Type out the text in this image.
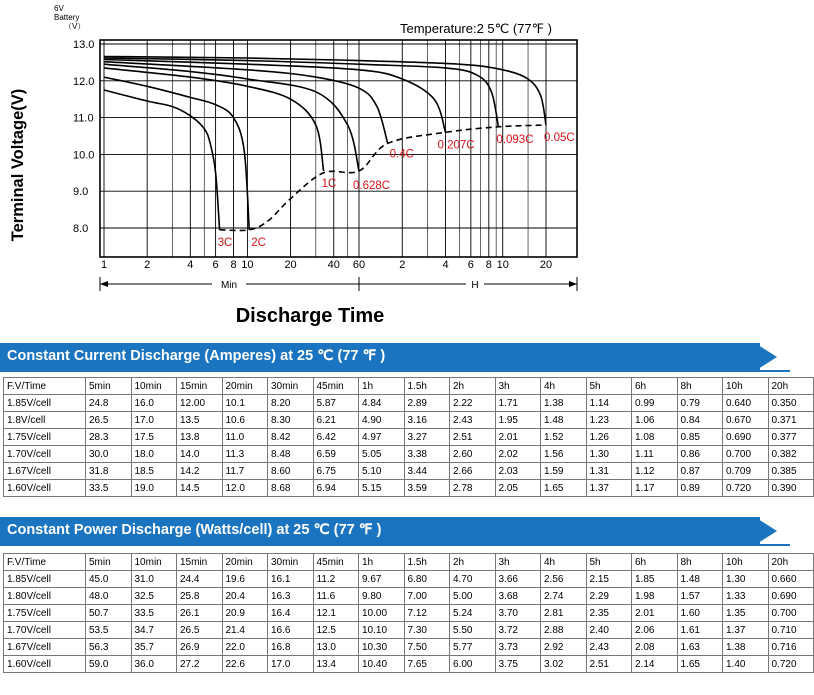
13.0
12.0
11.0
10.0
9.0
8.0
1	2	4 6 8 10	20	40 60	2	4 6 8 10	20
6V
Battery
（V）
Terminal Voltage(V)
Temperature:2 5℃ (77℉ )
Min	H
Discharge Time
3C 2C
1C 0.628C
0.4C
0.207C 0.093C 0.05C
Constant Current Discharge (Amperes) at 25 ℃ (77 ℉ )
F.V/Time	5min	10min	15min	20min	30min	45min	1h	1.5h	2h	3h	4h	5h	6h	8h	10h	20h
1.85V/cell	24.8	16.0	12.00	10.1	8.20	5.87	4.84	2.89	2.22	1.71	1.38	1.14	0.99	0.79	0.640	0.350
1.8V/cell	26.5	17.0	13.5	10.6	8.30	6.21	4.90	3.16	2.43	1.95	1.48	1.23	1.06	0.84	0.670	0.371
1.75V/cell	28.3	17.5	13.8	11.0	8.42	6.42	4.97	3.27	2.51	2.01	1.52	1.26	1.08	0.85	0.690	0.377
1.70V/cell	30.0	18.0	14.0	11.3	8.48	6.59	5.05	3.38	2.60	2.02	1.56	1.30	1.11	0.86	0.700	0.382
1.67V/cell	31.8	18.5	14.2	11.7	8.60	6.75	5.10	3.44	2.66	2.03	1.59	1.31	1.12	0.87	0.709	0.385
1.60V/cell	33.5	19.0	14.5	12.0	8.68	6.94	5.15	3.59	2.78	2.05	1.65	1.37	1.17	0.89	0.720	0.390
Constant Power Discharge (Watts/cell) at 25 ℃ (77 ℉ )
F.V/Time	5min	10min	15min	20min	30min	45min	1h	1.5h	2h	3h	4h	5h	6h	8h	10h	20h
1.85V/cell	45.0	31.0	24.4	19.6	16.1	11.2	9.67	6.80	4.70	3.66	2.56	2.15	1.85	1.48	1.30	0.660
1.80V/cell	48.0	32.5	25.8	20.4	16.3	11.6	9.80	7.00	5.00	3.68	2.74	2.29	1.98	1.57	1.33	0.690
1.75V/cell	50.7	33.5	26.1	20.9	16.4	12.1	10.00	7.12	5.24	3.70	2.81	2.35	2.01	1.60	1.35	0.700
1.70V/cell	53.5	34.7	26.5	21.4	16.6	12.5	10.10	7.30	5.50	3.72	2.88	2.40	2.06	1.61	1.37	0.710
1.67V/cell	56.3	35.7	26.9	22.0	16.8	13.0	10.30	7.50	5.77	3.73	2.92	2.43	2.08	1.63	1.38	0.716
1.60V/cell	59.0	36.0	27.2	22.6	17.0	13.4	10.40	7.65	6.00	3.75	3.02	2.51	2.14	1.65	1.40	0.720
